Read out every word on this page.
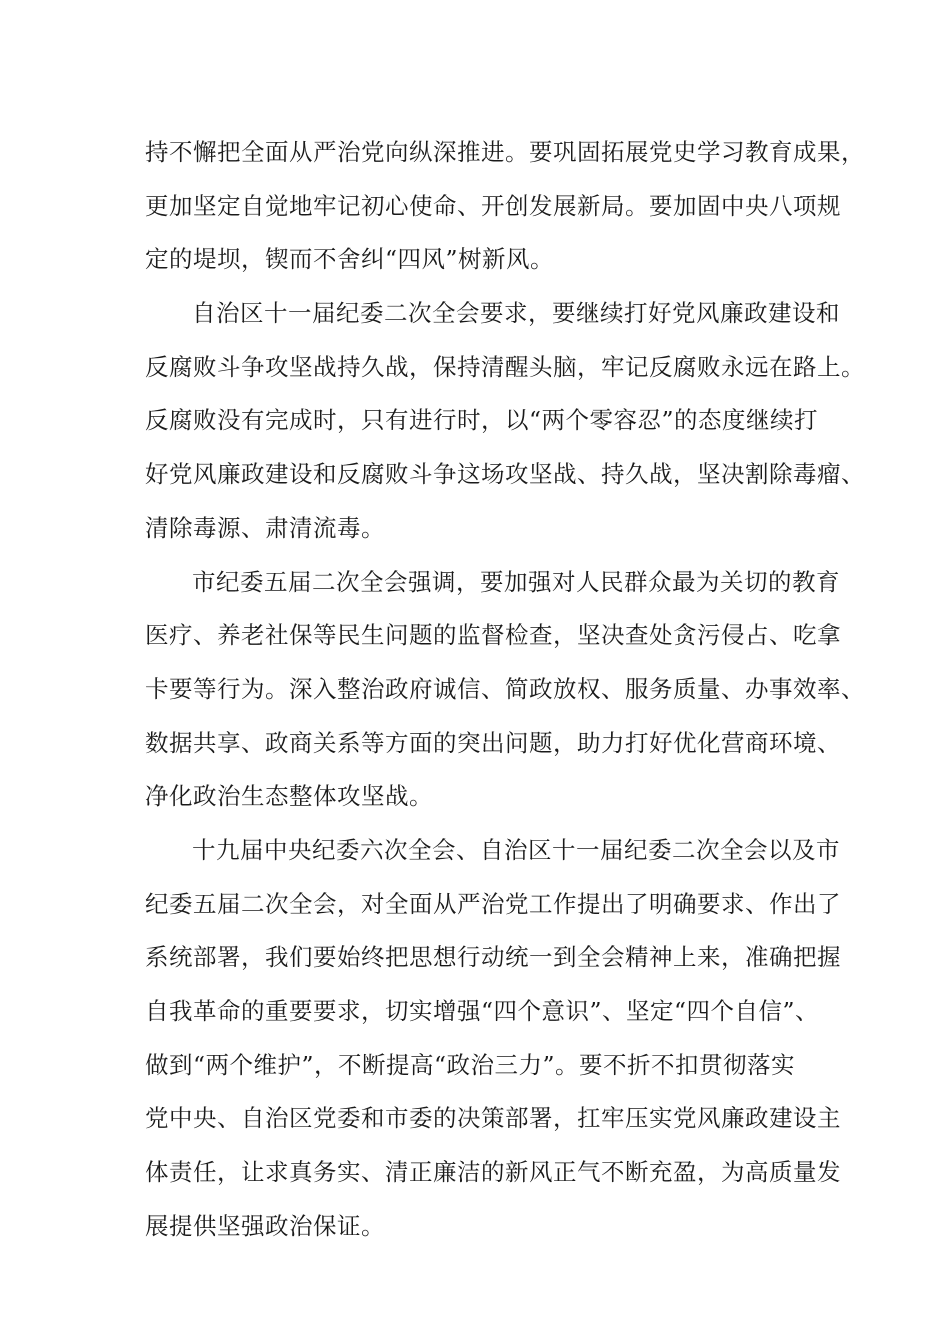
持不懈把全面从严治党向纵深推进。要巩固拓展党史学习教育成果，
更加坚定自觉地牢记初心使命、开创发展新局。要加固中央八项规
定的堤坝，锲而不舍纠“四风”树新风。

自治区十一届纪委二次全会要求，要继续打好党风廉政建设和
反腐败斗争攻坚战持久战，保持清醒头脑，牢记反腐败永远在路上。
反腐败没有完成时，只有进行时，以“两个零容忍”的态度继续打
好党风廉政建设和反腐败斗争这场攻坚战、持久战，坚决割除毒瘤、
清除毒源、肃清流毒。

市纪委五届二次全会强调，要加强对人民群众最为关切的教育
医疗、养老社保等民生问题的监督检查，坚决查处贪污侵占、吃拿
卡要等行为。深入整治政府诚信、简政放权、服务质量、办事效率、
数据共享、政商关系等方面的突出问题，助力打好优化营商环境、
净化政治生态整体攻坚战。

十九届中央纪委六次全会、自治区十一届纪委二次全会以及市
纪委五届二次全会，对全面从严治党工作提出了明确要求、作出了
系统部署，我们要始终把思想行动统一到全会精神上来，准确把握
自我革命的重要要求，切实增强“四个意识”、坚定“四个自信”、
做到“两个维护”，不断提高“政治三力”。要不折不扣贯彻落实
党中央、自治区党委和市委的决策部署，扛牢压实党风廉政建设主
体责任，让求真务实、清正廉洁的新风正气不断充盈，为高质量发
展提供坚强政治保证。
